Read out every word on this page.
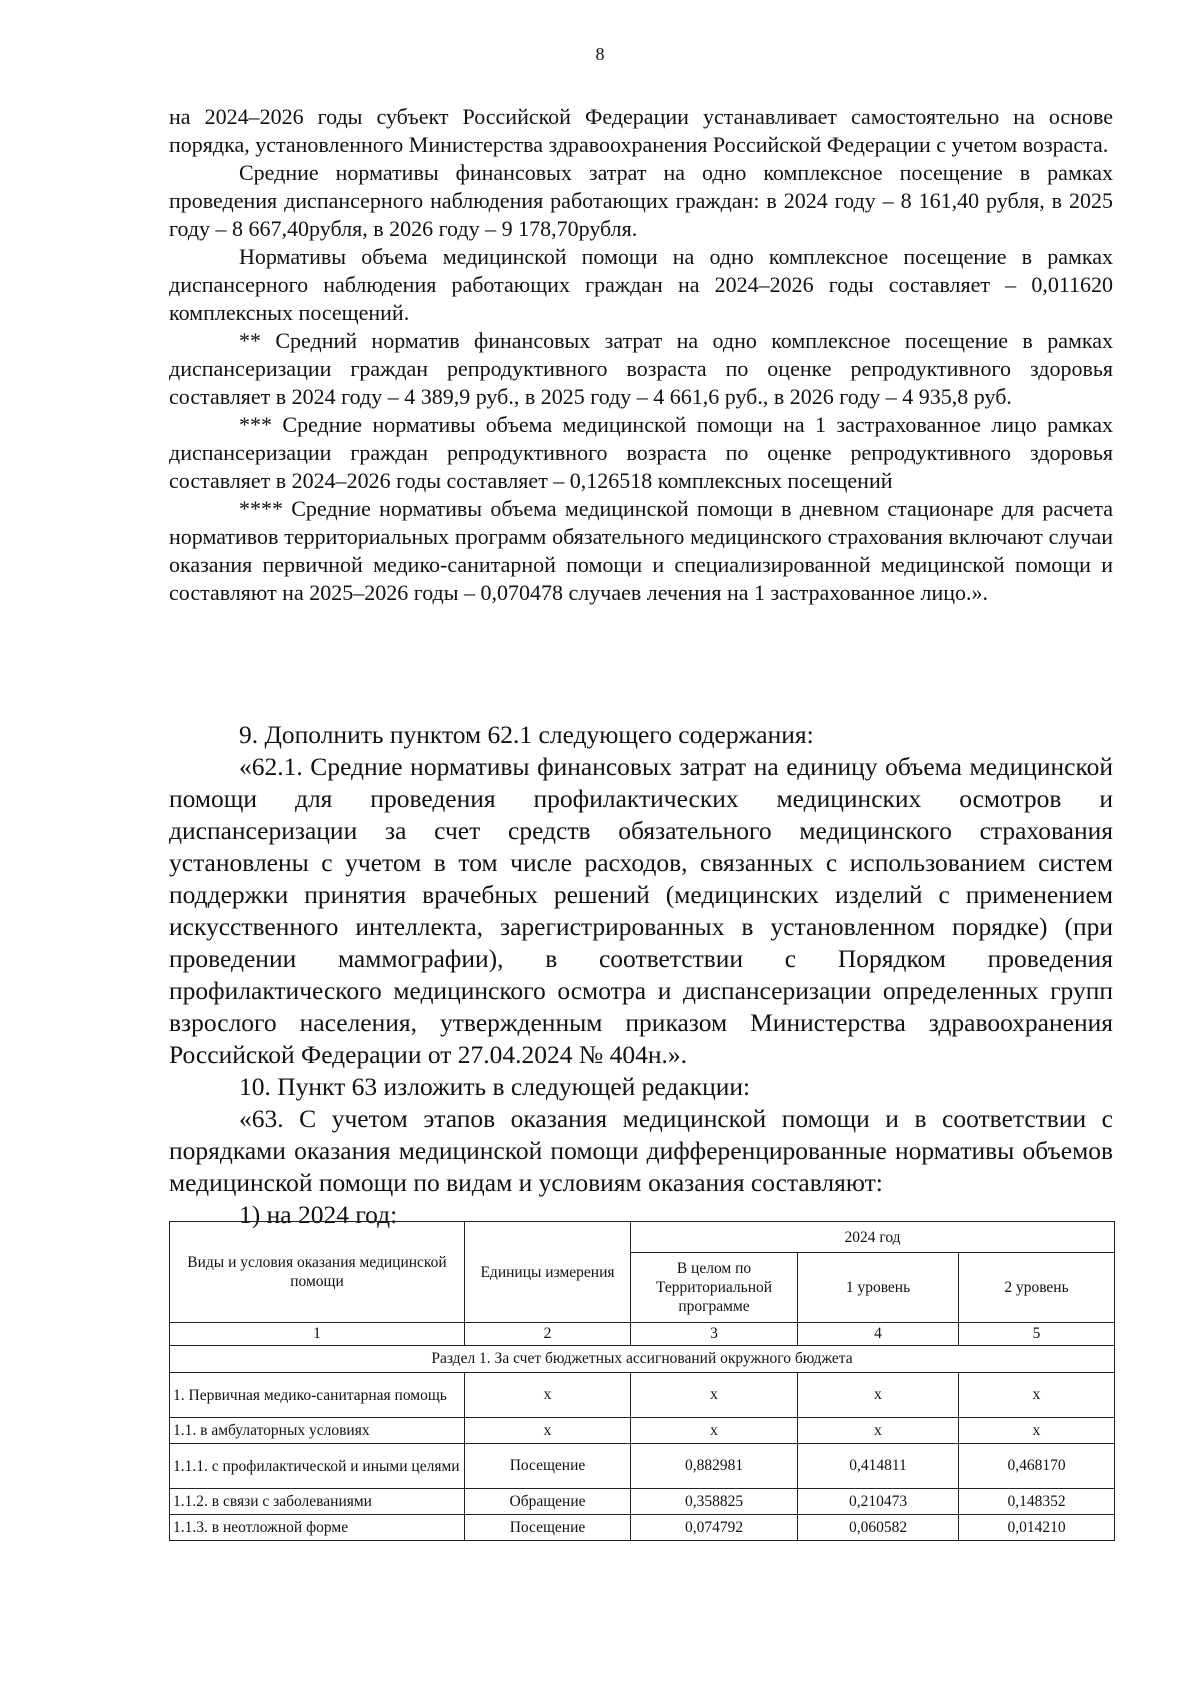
8

на 2024–2026 годы субъект Российской Федерации устанавливает самостоятельно на основе порядка, установленного Министерства здравоохранения Российской Федерации с учетом возраста.

Средние нормативы финансовых затрат на одно комплексное посещение в рамках проведения диспансерного наблюдения работающих граждан: в 2024 году – 8 161,40 рубля, в 2025 году – 8 667,40рубля, в 2026 году – 9 178,70рубля.

Нормативы объема медицинской помощи на одно комплексное посещение в рамках диспансерного наблюдения работающих граждан на 2024–2026 годы составляет – 0,011620 комплексных посещений.

** Средний норматив финансовых затрат на одно комплексное посещение в рамках диспансеризации граждан репродуктивного возраста по оценке репродуктивного здоровья составляет в 2024 году – 4 389,9 руб., в 2025 году – 4 661,6 руб., в 2026 году – 4 935,8 руб.

*** Средние нормативы объема медицинской помощи на 1 застрахованное лицо рамках диспансеризации граждан репродуктивного возраста по оценке репродуктивного здоровья составляет в 2024–2026 годы составляет – 0,126518 комплексных посещений

**** Средние нормативы объема медицинской помощи в дневном стационаре для расчета нормативов территориальных программ обязательного медицинского страхования включают случаи оказания первичной медико-санитарной помощи и специализированной медицинской помощи и составляют на 2025–2026 годы – 0,070478 случаев лечения на 1 застрахованное лицо.».

9. Дополнить пунктом 62.1 следующего содержания:

«62.1. Средние нормативы финансовых затрат на единицу объема медицинской помощи для проведения профилактических медицинских осмотров и диспансеризации за счет средств обязательного медицинского страхования установлены с учетом в том числе расходов, связанных с использованием систем поддержки принятия врачебных решений (медицинских изделий с применением искусственного интеллекта, зарегистрированных в установленном порядке) (при проведении маммографии), в соответствии с Порядком проведения профилактического медицинского осмотра и диспансеризации определенных групп взрослого населения, утвержденным приказом Министерства здравоохранения Российской Федерации от 27.04.2024 № 404н.».

10. Пункт 63 изложить в следующей редакции:

«63. С учетом этапов оказания медицинской помощи и в соответствии с порядками оказания медицинской помощи дифференцированные нормативы объемов медицинской помощи по видам и условиям оказания составляют:

1) на 2024 год:

Виды и условия оказания медицинской помощи	Единицы измерения	2024 год		
		В целом по Территориальной программе	1 уровень	2 уровень
1	2	3	4	5
Раздел 1. За счет бюджетных ассигнований окружного бюджета				
1. Первичная медико-санитарная помощь	х	х	х	х
1.1. в амбулаторных условиях	х	х	х	х
1.1.1. с профилактической и иными целями	Посещение	0,882981	0,414811	0,468170
1.1.2. в связи с заболеваниями	Обращение	0,358825	0,210473	0,148352
1.1.3. в неотложной форме	Посещение	0,074792	0,060582	0,014210
